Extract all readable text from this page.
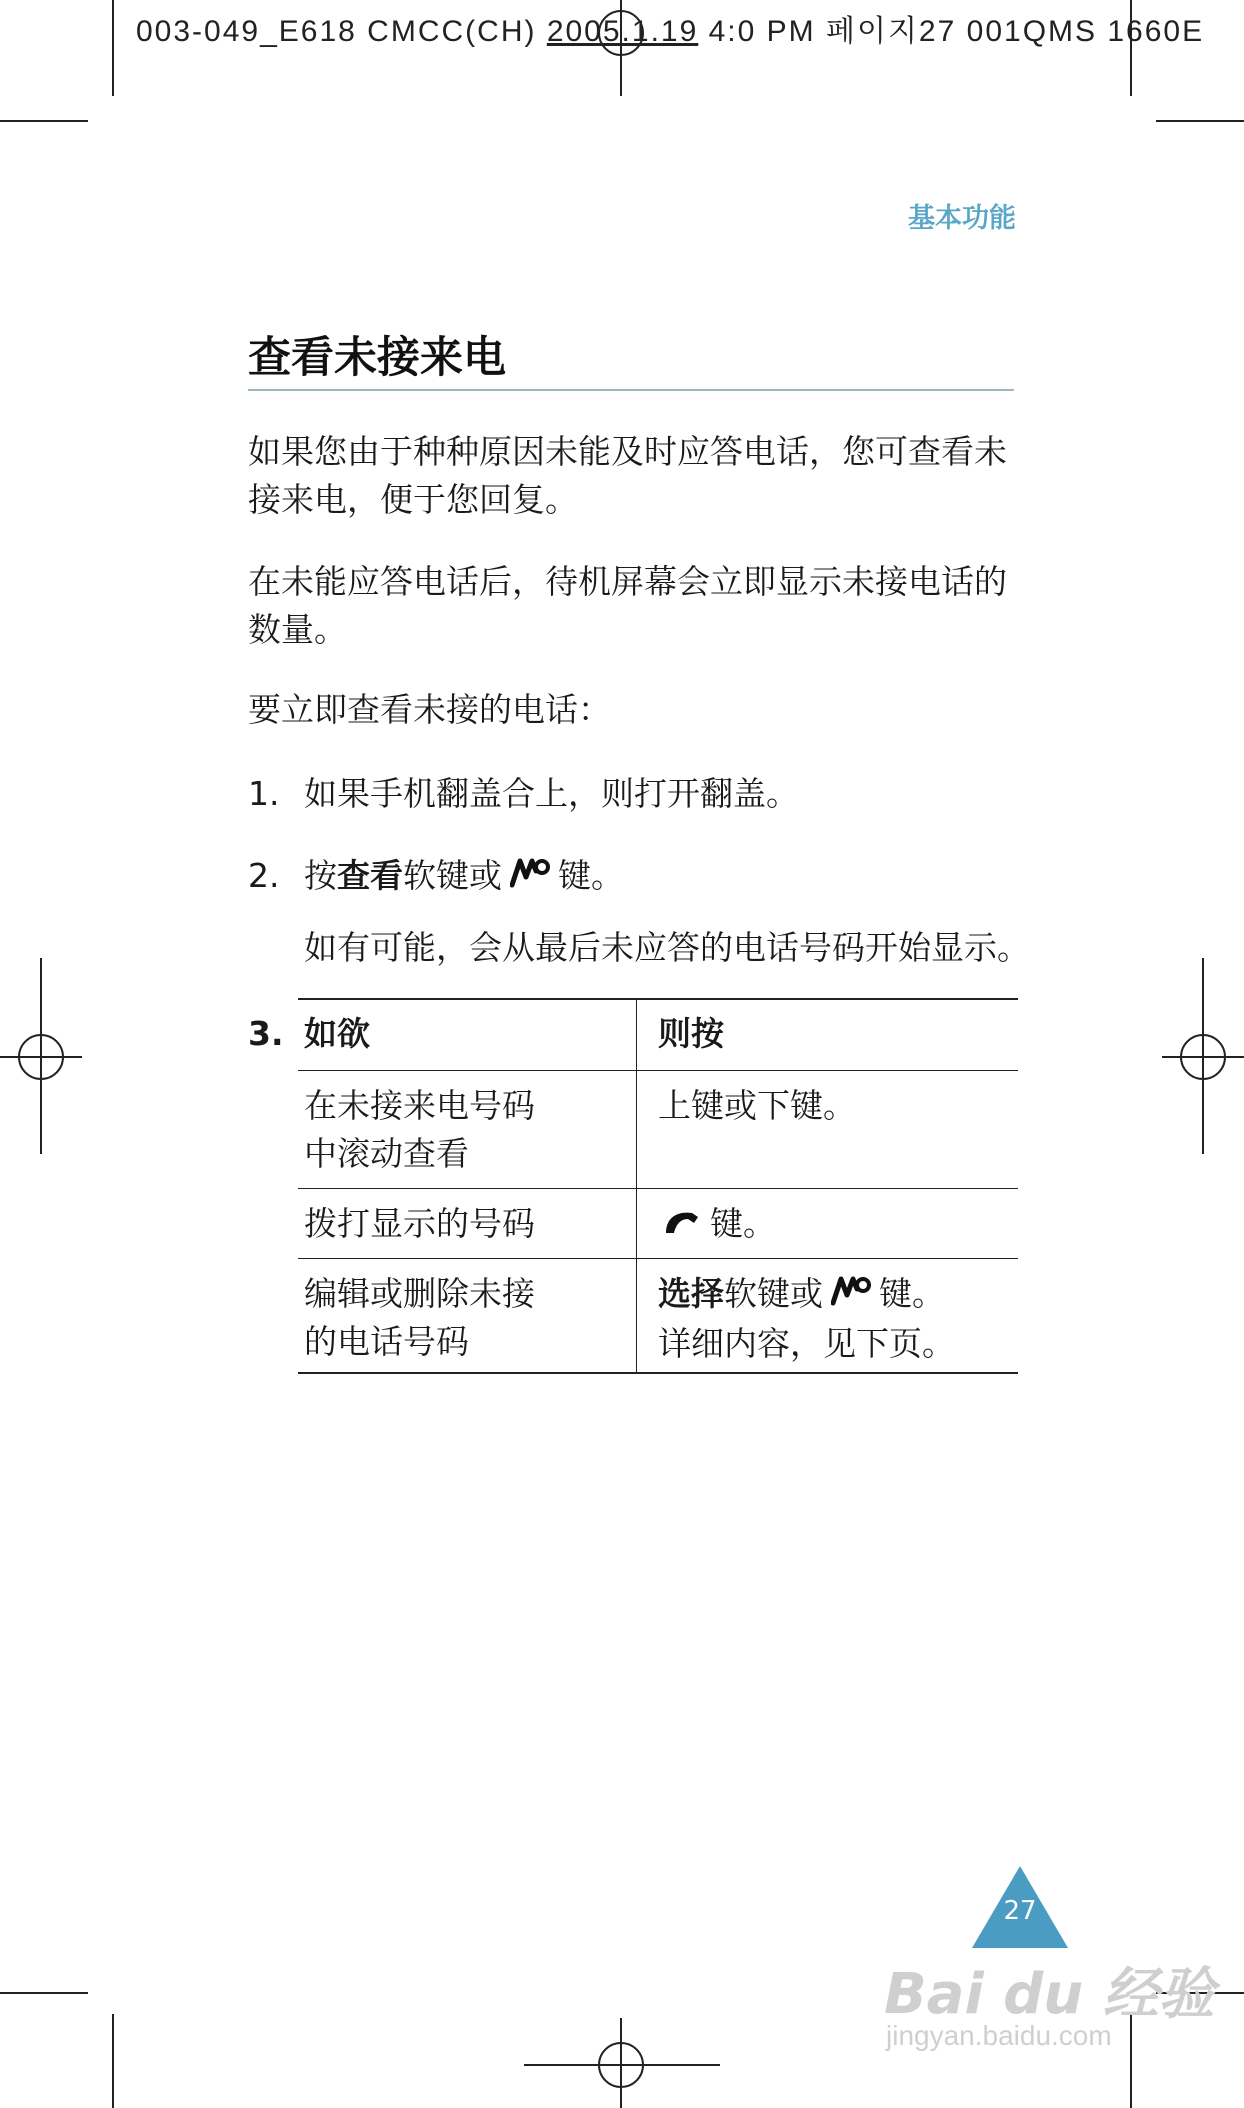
003-049_E618 CMCC(CH) 2005.1.19 4:0 PM 페이지27 001QMS 1660E
基本功能
查看未接来电

如果您由于种种原因未能及时应答电话，您可查看未接来电，便于您回复。

在未能应答电话后，待机屏幕会立即显示未接电话的数量。

要立即查看未接的电话：

1. 如果手机翻盖合上，则打开翻盖。
2. 按查看软键或 键。
如有可能，会从最后未应答的电话号码开始显示。
3. 如欲	则按
在未接来电号码
中滚动查看
上键或下键。
拨打显示的号码	键。
编辑或删除未接
的电话号码
选择软键或 键。
详细内容，见下页。
27
Bai du 经验
jingyan.baidu.com
